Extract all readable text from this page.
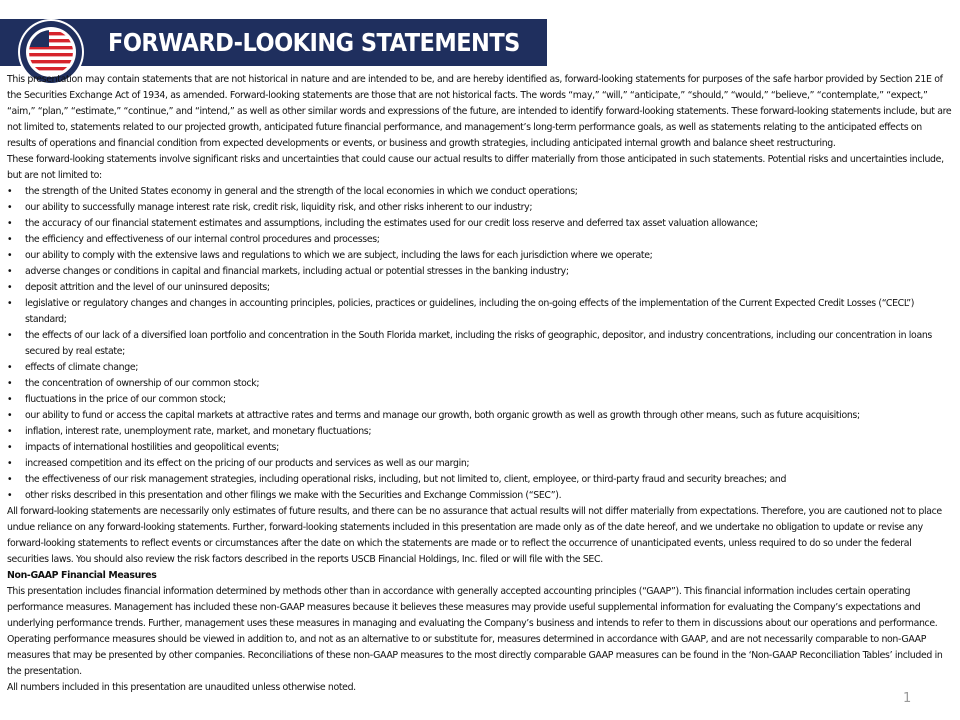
FORWARD-LOOKING STATEMENTS

This presentation may contain statements that are not historical in nature and are intended to be, and are hereby identified as, forward-looking statements for purposes of the safe harbor provided by Section 21E of the Securities Exchange Act of 1934, as amended. Forward-looking statements are those that are not historical facts. The words “may,” “will,” “anticipate,” “should,” “would,” “believe,” “contemplate,” “expect,” “aim,” “plan,” “estimate,” “continue,” and “intend,” as well as other similar words and expressions of the future, are intended to identify forward-looking statements. These forward-looking statements include, but are not limited to, statements related to our projected growth, anticipated future financial performance, and management’s long-term performance goals, as well as statements relating to the anticipated effects on results of operations and financial condition from expected developments or events, or business and growth strategies, including anticipated internal growth and balance sheet restructuring.

These forward-looking statements involve significant risks and uncertainties that could cause our actual results to differ materially from those anticipated in such statements. Potential risks and uncertainties include, but are not limited to:

• the strength of the United States economy in general and the strength of the local economies in which we conduct operations;
• our ability to successfully manage interest rate risk, credit risk, liquidity risk, and other risks inherent to our industry;
• the accuracy of our financial statement estimates and assumptions, including the estimates used for our credit loss reserve and deferred tax asset valuation allowance;
• the efficiency and effectiveness of our internal control procedures and processes;
• our ability to comply with the extensive laws and regulations to which we are subject, including the laws for each jurisdiction where we operate;
• adverse changes or conditions in capital and financial markets, including actual or potential stresses in the banking industry;
• deposit attrition and the level of our uninsured deposits;
• legislative or regulatory changes and changes in accounting principles, policies, practices or guidelines, including the on-going effects of the implementation of the Current Expected Credit Losses (“CECL”) standard;
• the effects of our lack of a diversified loan portfolio and concentration in the South Florida market, including the risks of geographic, depositor, and industry concentrations, including our concentration in loans secured by real estate;
• effects of climate change;
• the concentration of ownership of our common stock;
• fluctuations in the price of our common stock;
• our ability to fund or access the capital markets at attractive rates and terms and manage our growth, both organic growth as well as growth through other means, such as future acquisitions;
• inflation, interest rate, unemployment rate, market, and monetary fluctuations;
• impacts of international hostilities and geopolitical events;
• increased competition and its effect on the pricing of our products and services as well as our margin;
• the effectiveness of our risk management strategies, including operational risks, including, but not limited to, client, employee, or third-party fraud and security breaches; and
• other risks described in this presentation and other filings we make with the Securities and Exchange Commission (“SEC”).

All forward-looking statements are necessarily only estimates of future results, and there can be no assurance that actual results will not differ materially from expectations. Therefore, you are cautioned not to place undue reliance on any forward-looking statements. Further, forward-looking statements included in this presentation are made only as of the date hereof, and we undertake no obligation to update or revise any forward-looking statements to reflect events or circumstances after the date on which the statements are made or to reflect the occurrence of unanticipated events, unless required to do so under the federal securities laws. You should also review the risk factors described in the reports USCB Financial Holdings, Inc. filed or will file with the SEC.

Non-GAAP Financial Measures

This presentation includes financial information determined by methods other than in accordance with generally accepted accounting principles (“GAAP”). This financial information includes certain operating performance measures. Management has included these non-GAAP measures because it believes these measures may provide useful supplemental information for evaluating the Company’s expectations and underlying performance trends. Further, management uses these measures in managing and evaluating the Company’s business and intends to refer to them in discussions about our operations and performance. Operating performance measures should be viewed in addition to, and not as an alternative to or substitute for, measures determined in accordance with GAAP, and are not necessarily comparable to non-GAAP measures that may be presented by other companies. Reconciliations of these non-GAAP measures to the most directly comparable GAAP measures can be found in the ‘Non-GAAP Reconciliation Tables’ included in the presentation.

All numbers included in this presentation are unaudited unless otherwise noted.

1
